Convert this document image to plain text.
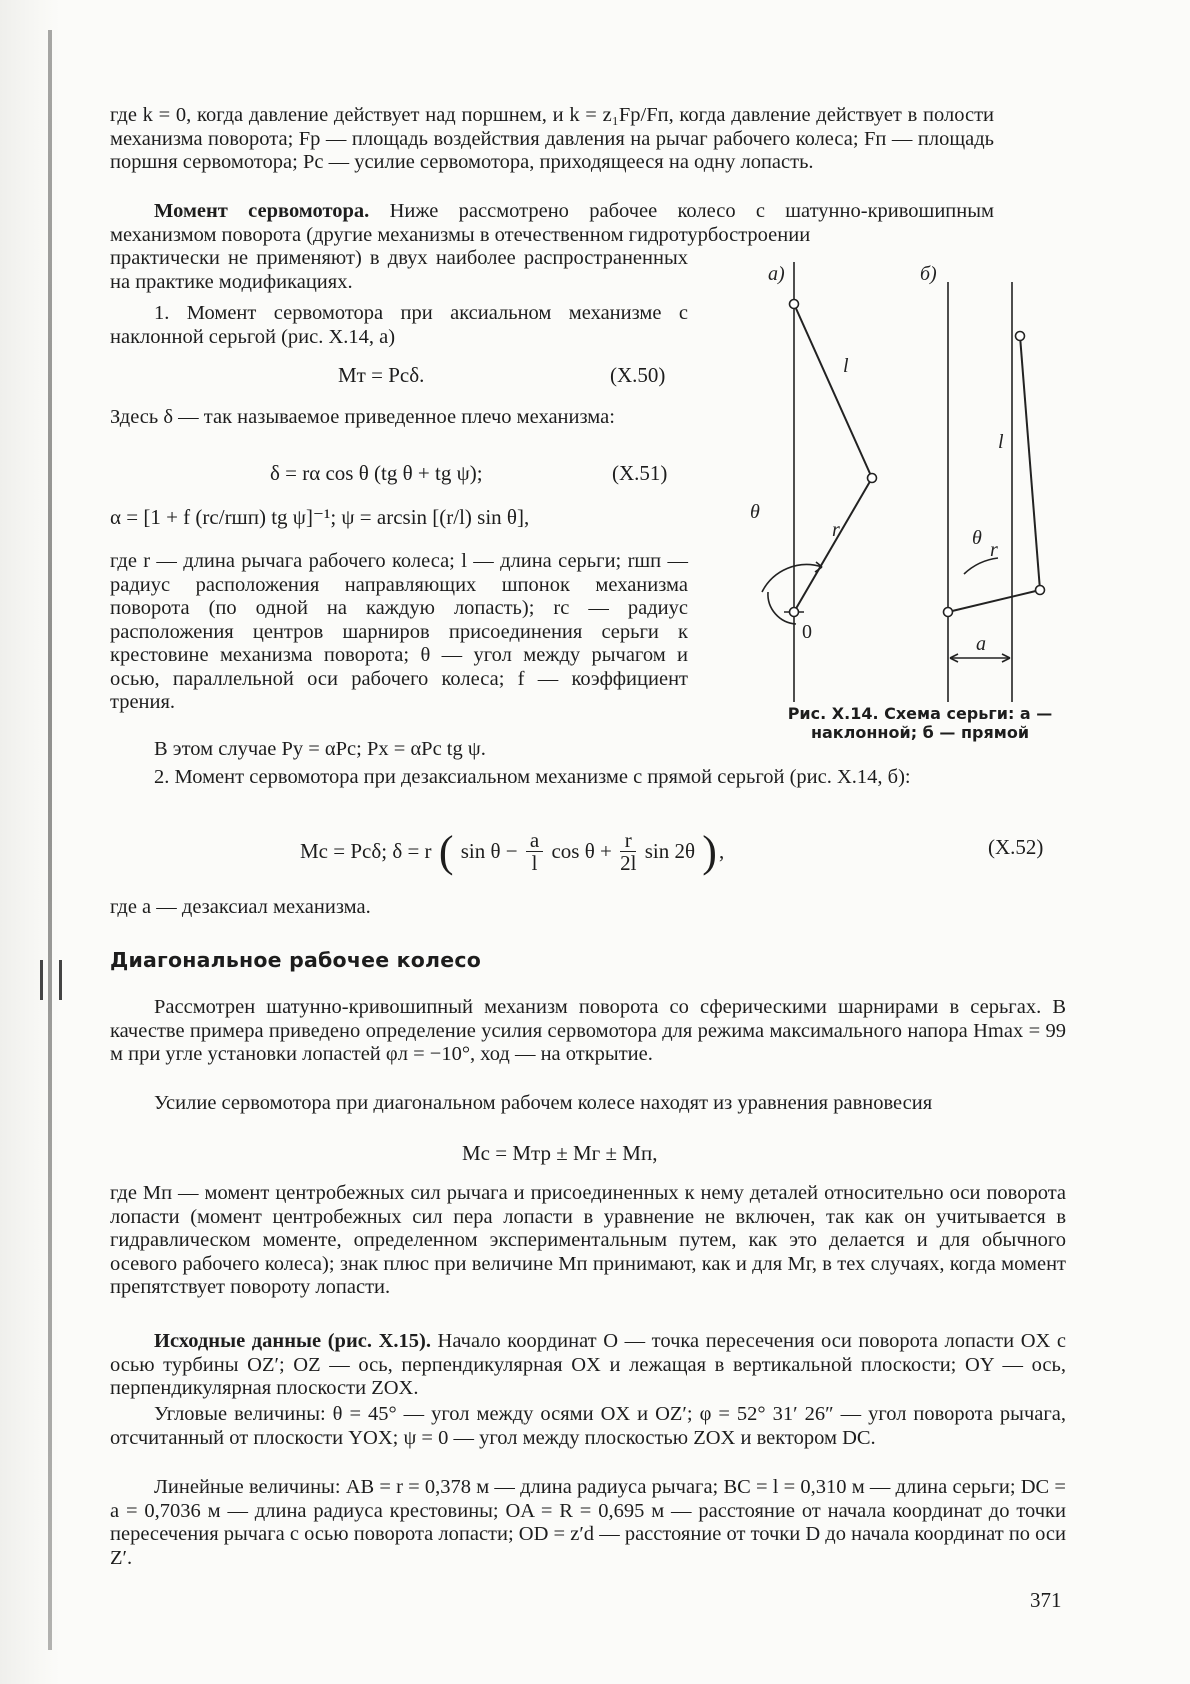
где k = 0, когда давление действует над поршнем, и k = z₁Fр/Fп, когда давление действует в полости механизма поворота; Fр — площадь воздействия давления на рычаг рабочего колеса; Fп — площадь поршня сервомотора; Pс — усилие сервомотора, приходящееся на одну лопасть.

Момент сервомотора. Ниже рассмотрено рабочее колесо с шатунно-кривошипным механизмом поворота (другие механизмы в отечественном гидротурбостроении

практически не применяют) в двух наиболее распространенных на практике модификациях.

1. Момент сервомотора при аксиальном механизме с наклонной серьгой (рис. X.14, а)

Mт = Pсδ.	(X.50)

Здесь δ — так называемое приведенное плечо механизма:

δ = rα cos θ (tg θ + tg ψ);	(X.51)
α = [1 + f (rс/rшп) tg ψ]⁻¹; ψ = arcsin [(r/l) sin θ],

где r — длина рычага рабочего колеса; l — длина серьги; rшп — радиус расположения направляющих шпонок механизма поворота (по одной на каждую лопасть); rс — радиус расположения центров шарниров присоединения серьги к крестовине механизма поворота; θ — угол между рычагом и осью, параллельной оси рабочего колеса; f — коэффициент трения.

В этом случае Py = αPс; Px = αPс tg ψ.

2. Момент сервомотора при дезаксиальном механизме с прямой серьгой (рис. X.14, б):

Mс = Pсδ; δ = r ( $\sin \theta - \frac{a}{l}$ $\cos \theta + \frac{r}{2l}$ sin 2θ ),	(X.52)

где a — дезаксиал механизма.

Диагональное рабочее колесо

Рассмотрен шатунно-кривошипный механизм поворота со сферическими шарнирами в серьгах. В качестве примера приведено определение усилия сервомотора для режима максимального напора Hmax = 99 м при угле установки лопастей φл = −10°, ход — на открытие.

Усилие сервомотора при диагональном рабочем колесе находят из уравнения равновесия

Mс = Mтр ± Mг ± Mп,

где Mп — момент центробежных сил рычага и присоединенных к нему деталей относительно оси поворота лопасти (момент центробежных сил пера лопасти в уравнение не включен, так как он учитывается в гидравлическом моменте, определенном экспериментальным путем, как это делается и для обычного осевого рабочего колеса); знак плюс при величине Mп принимают, как и для Mг, в тех случаях, когда момент препятствует повороту лопасти.

Исходные данные (рис. X.15). Начало координат O — точка пересечения оси поворота лопасти OX с осью турбины OZ′; OZ — ось, перпендикулярная OX и лежащая в вертикальной плоскости; OY — ось, перпендикулярная плоскости ZOX.

Угловые величины: θ = 45° — угол между осями OX и OZ′; φ = 52° 31′ 26″ — угол поворота рычага, отсчитанный от плоскости YOX; ψ = 0 — угол между плоскостью ZOX и вектором DC.

Линейные величины: AB = r = 0,378 м — длина радиуса рычага; BC = l = 0,310 м — длина серьги; DC = a = 0,7036 м — длина радиуса крестовины; OA = R = 0,695 м — расстояние от начала координат до точки пересечения рычага с осью поворота лопасти; OD = z′d — расстояние от точки D до начала координат по оси Z′.

371
а)	б)
l
r
θ
l
r
θ
a
0
Рис. X.14. Схема серьги: а —
наклонной; б — прямой
